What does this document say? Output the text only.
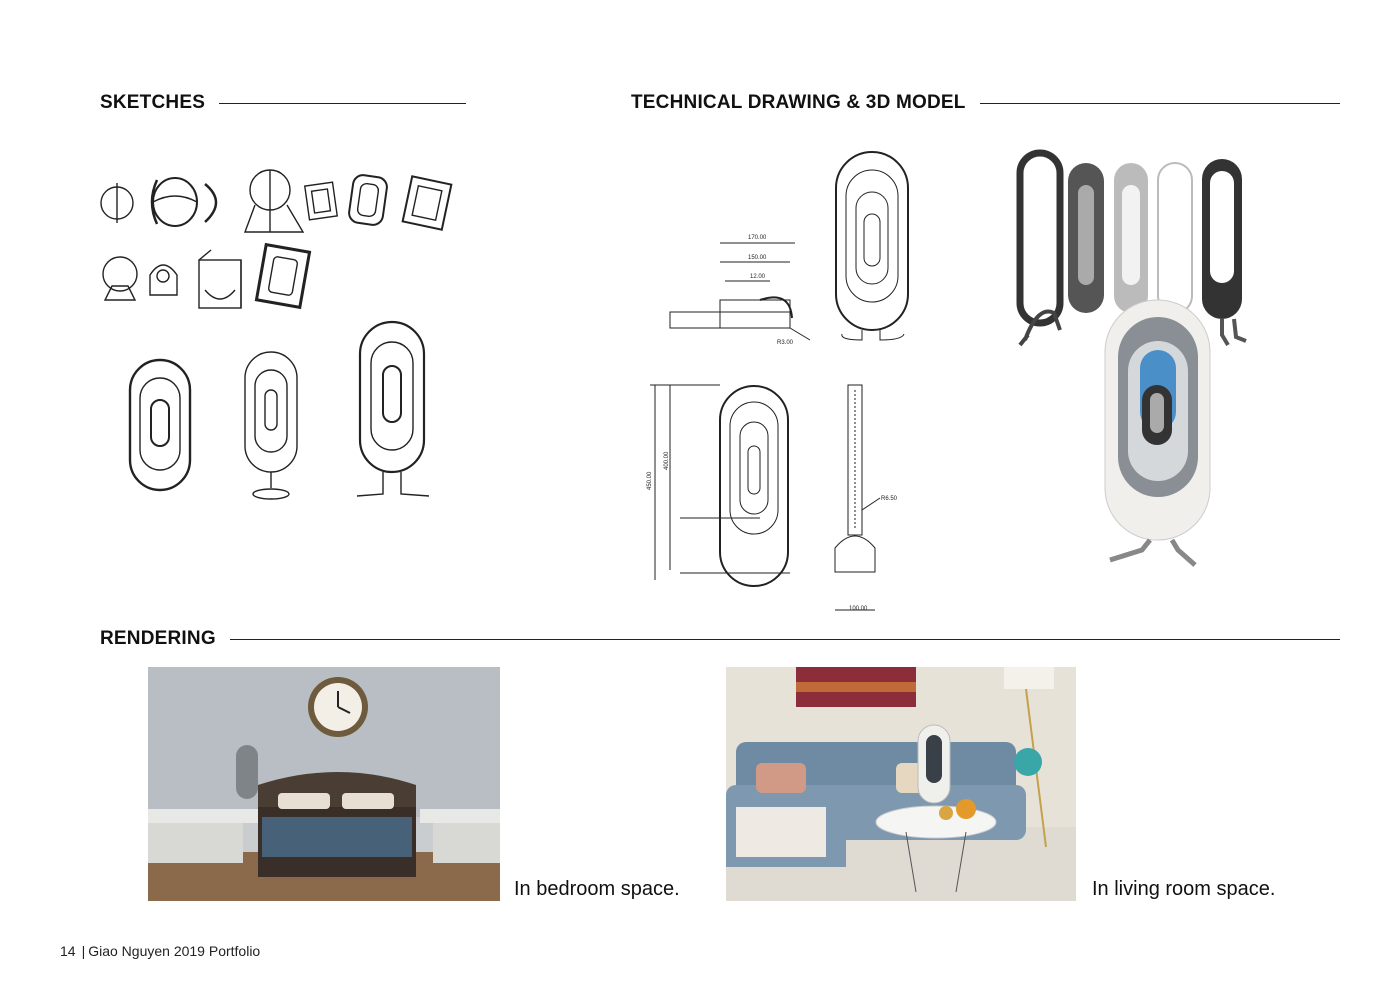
SKETCHES	TECHNICAL DRAWING & 3D MODEL
RENDERING
170.00
150.00
12.00
R3.00
450.00
400.00
R6.50
100.00
In bedroom space.	In living room space.
14 | Giao Nguyen 2019 Portfolio
